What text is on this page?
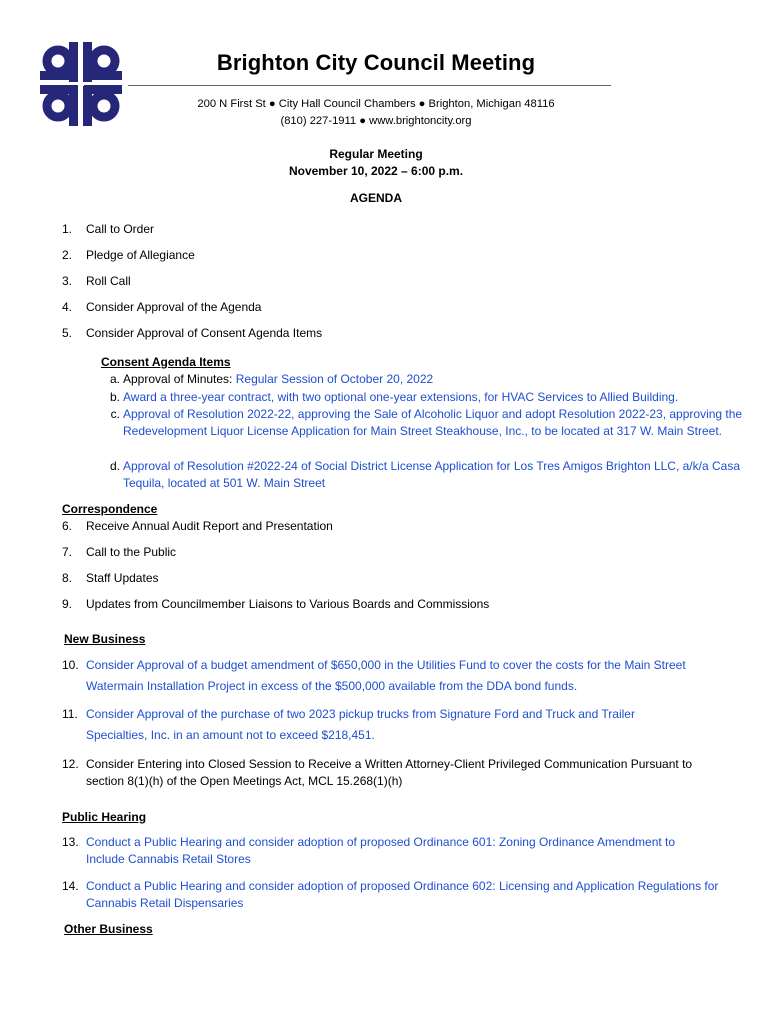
Brighton City Council Meeting
200 N First St ● City Hall Council Chambers ● Brighton, Michigan 48116
(810) 227-1911 ● www.brightoncity.org
Regular Meeting
November 10, 2022 – 6:00 p.m.
AGENDA
1. Call to Order
2. Pledge of Allegiance
3. Roll Call
4. Consider Approval of the Agenda
5. Consider Approval of Consent Agenda Items
Consent Agenda Items
a. Approval of Minutes: Regular Session of October 20, 2022
b. Award a three-year contract, with two optional one-year extensions, for HVAC Services to Allied Building.
c. Approval of Resolution 2022-22, approving the Sale of Alcoholic Liquor and adopt Resolution 2022-23, approving the Redevelopment Liquor License Application for Main Street Steakhouse, Inc., to be located at 317 W. Main Street.
d. Approval of Resolution #2022-24 of Social District License Application for Los Tres Amigos Brighton LLC, a/k/a Casa Tequila, located at 501 W. Main Street
Correspondence
6. Receive Annual Audit Report and Presentation
7. Call to the Public
8. Staff Updates
9. Updates from Councilmember Liaisons to Various Boards and Commissions
New Business
10. Consider Approval of a budget amendment of $650,000 in the Utilities Fund to cover the costs for the Main Street Watermain Installation Project in excess of the $500,000 available from the DDA bond funds.
11. Consider Approval of the purchase of two 2023 pickup trucks from Signature Ford and Truck and Trailer Specialties, Inc. in an amount not to exceed $218,451.
12. Consider Entering into Closed Session to Receive a Written Attorney-Client Privileged Communication Pursuant to section 8(1)(h) of the Open Meetings Act, MCL 15.268(1)(h)
Public Hearing
13. Conduct a Public Hearing and consider adoption of proposed Ordinance 601: Zoning Ordinance Amendment to Include Cannabis Retail Stores
14. Conduct a Public Hearing and consider adoption of proposed Ordinance 602: Licensing and Application Regulations for Cannabis Retail Dispensaries
Other Business
